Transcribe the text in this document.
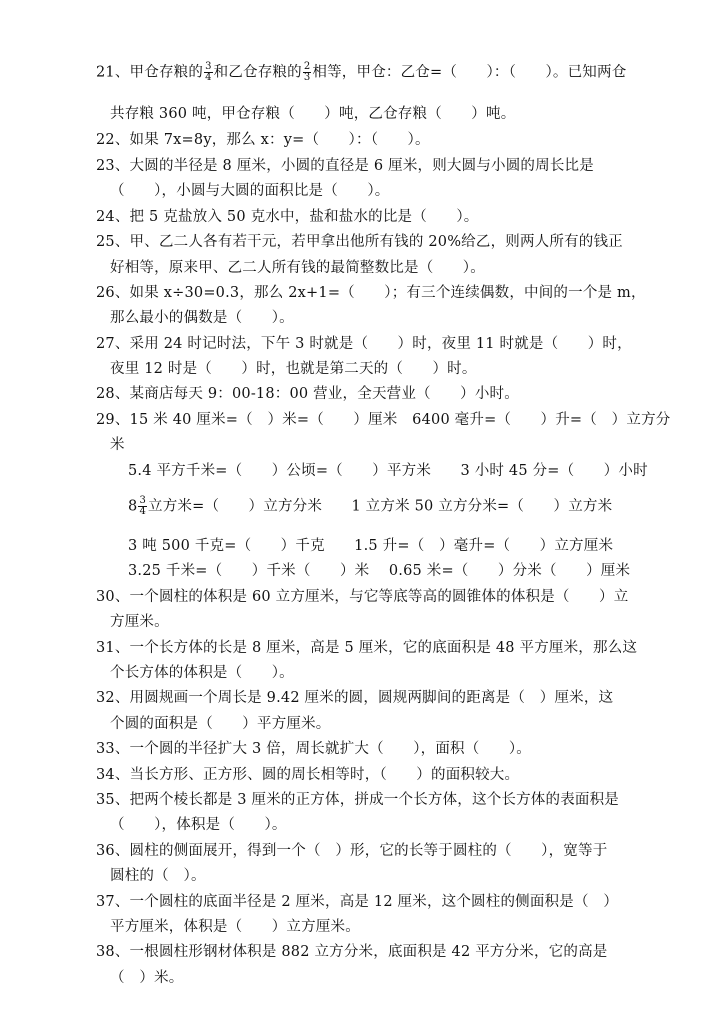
21、甲仓存粮的 $\frac{3}{4}$ 和乙仓存粮的 $\frac{2}{3}$ 相等，甲仓：乙仓=（　　）：（　　）。已知两仓
共存粮 360 吨，甲仓存粮（　　）吨，乙仓存粮（　　）吨。
22、如果 7x=8y，那么 x：y=（　　）：（　　）。
23、大圆的半径是 8 厘米，小圆的直径是 6 厘米，则大圆与小圆的周长比是
（　　），小圆与大圆的面积比是（　　）。
24、把 5 克盐放入 50 克水中，盐和盐水的比是（　　）。
25、甲、乙二人各有若干元，若甲拿出他所有钱的 20%给乙，则两人所有的钱正
好相等，原来甲、乙二人所有钱的最简整数比是（　　）。
26、如果 x÷30=0.3，那么 2x+1=（　　）；有三个连续偶数，中间的一个是 m，
那么最小的偶数是（　　）。
27、采用 24 时记时法，下午 3 时就是（　　）时，夜里 11 时就是（　　）时，
夜里 12 时是（　　）时，也就是第二天的（　　）时。
28、某商店每天 9：00-18：00 营业，全天营业（　　）小时。
29、15 米 40 厘米=（　）米=（　　）厘米　6400 毫升=（　　）升=（　）立方分
米
5.4 平方千米=（　　）公顷=（　　）平方米　　3 小时 45 分=（　　）小时
$8 \frac{3}{4}$ 立方米=（　　）立方分米　　1 立方米 50 立方分米=（　　）立方米
3 吨 500 千克=（　　）千克　　1.5 升=（　）毫升=（　　）立方厘米
3.25 千米=（　　）千米（　　）米　 0.65 米=（　　）分米（　　）厘米
30、一个圆柱的体积是 60 立方厘米，与它等底等高的圆锥体的体积是（　　）立
方厘米。
31、一个长方体的长是 8 厘米，高是 5 厘米，它的底面积是 48 平方厘米，那么这
个长方体的体积是（　　）。
32、用圆规画一个周长是 9.42 厘米的圆，圆规两脚间的距离是（　）厘米，这
个圆的面积是（　　）平方厘米。
33、一个圆的半径扩大 3 倍，周长就扩大（　　），面积（　　）。
34、当长方形、正方形、圆的周长相等时，（　　）的面积较大。
35、把两个棱长都是 3 厘米的正方体，拼成一个长方体，这个长方体的表面积是
（　　），体积是（　　）。
36、圆柱的侧面展开，得到一个（　）形，它的长等于圆柱的（　　），宽等于
圆柱的（　）。
37、一个圆柱的底面半径是 2 厘米，高是 12 厘米，这个圆柱的侧面积是（　）
平方厘米，体积是（　　）立方厘米。
38、一根圆柱形钢材体积是 882 立方分米，底面积是 42 平方分米，它的高是
（　）米。
